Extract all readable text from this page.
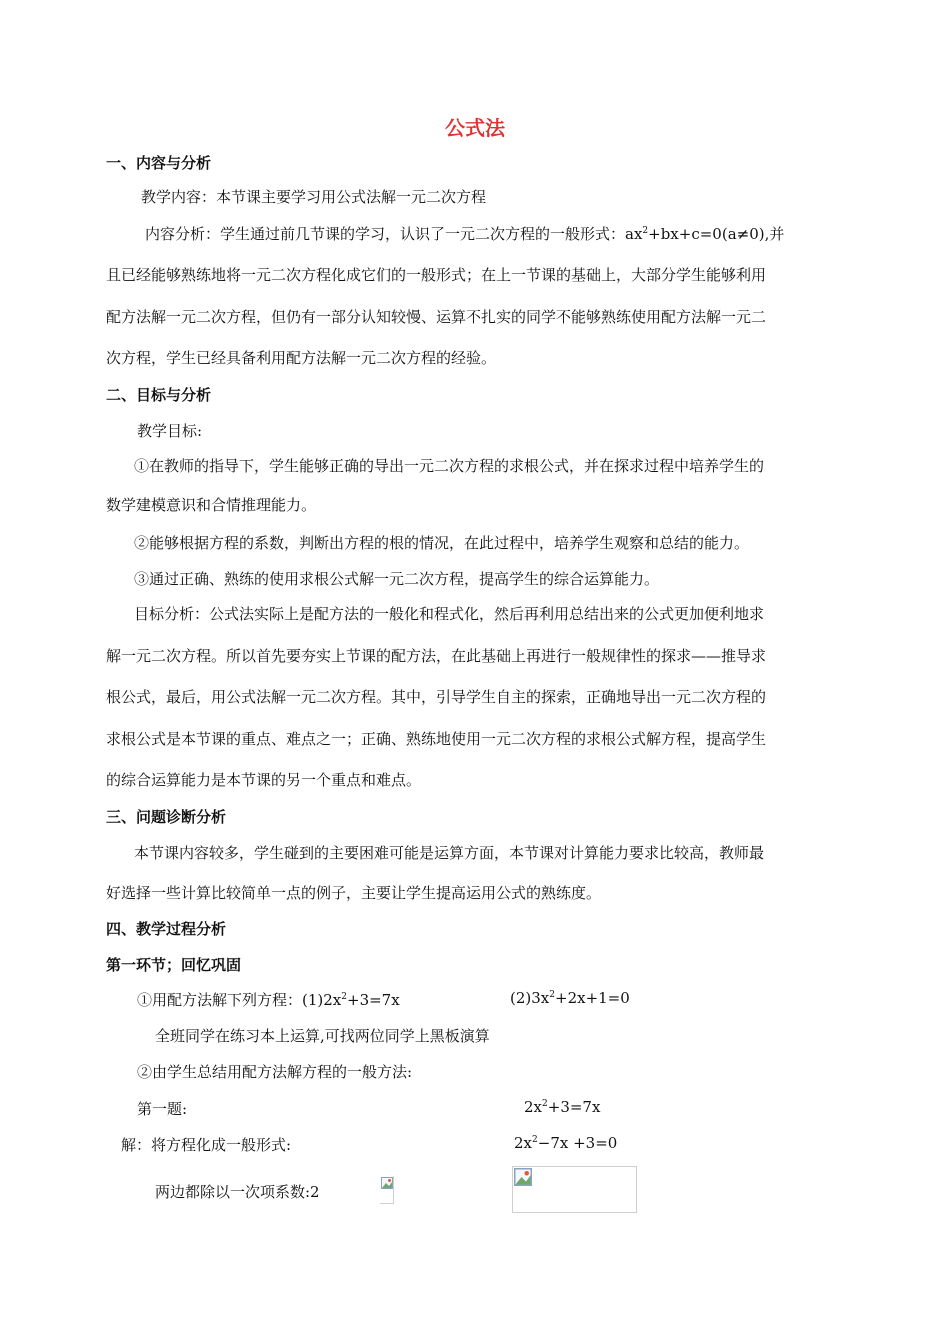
公式法
一、内容与分析
教学内容：本节课主要学习用公式法解一元二次方程
内容分析：学生通过前几节课的学习，认识了一元二次方程的一般形式：$ax^2+bx+c=0(a\ne 0)$,并
且已经能够熟练地将一元二次方程化成它们的一般形式；在上一节课的基础上，大部分学生能够利用
配方法解一元二次方程，但仍有一部分认知较慢、运算不扎实的同学不能够熟练使用配方法解一元二
次方程，学生已经具备利用配方法解一元二次方程的经验。
二、目标与分析
教学目标:
①在教师的指导下，学生能够正确的导出一元二次方程的求根公式，并在探求过程中培养学生的
数学建模意识和合情推理能力。
②能够根据方程的系数，判断出方程的根的情况，在此过程中，培养学生观察和总结的能力。
③通过正确、熟练的使用求根公式解一元二次方程，提高学生的综合运算能力。
目标分析：公式法实际上是配方法的一般化和程式化，然后再利用总结出来的公式更加便利地求
解一元二次方程。所以首先要夯实上节课的配方法，在此基础上再进行一般规律性的探求——推导求
根公式，最后，用公式法解一元二次方程。其中，引导学生自主的探索，正确地导出一元二次方程的
求根公式是本节课的重点、难点之一；正确、熟练地使用一元二次方程的求根公式解方程，提高学生
的综合运算能力是本节课的另一个重点和难点。
三、问题诊断分析
本节课内容较多，学生碰到的主要困难可能是运算方面，本节课对计算能力要求比较高，教师最
好选择一些计算比较简单一点的例子，主要让学生提高运用公式的熟练度。
四、教学过程分析
第一环节；回忆巩固
①用配方法解下列方程：$(1)2x^2+3=7x$	$(2)3x^2+2x+1=0$
全班同学在练习本上运算,可找两位同学上黑板演算
②由学生总结用配方法解方程的一般方法:
第一题:	$2x^2+3=7x$
解：将方程化成一般形式:	$2x^2-7x +3=0$
两边都除以一次项系数:2
